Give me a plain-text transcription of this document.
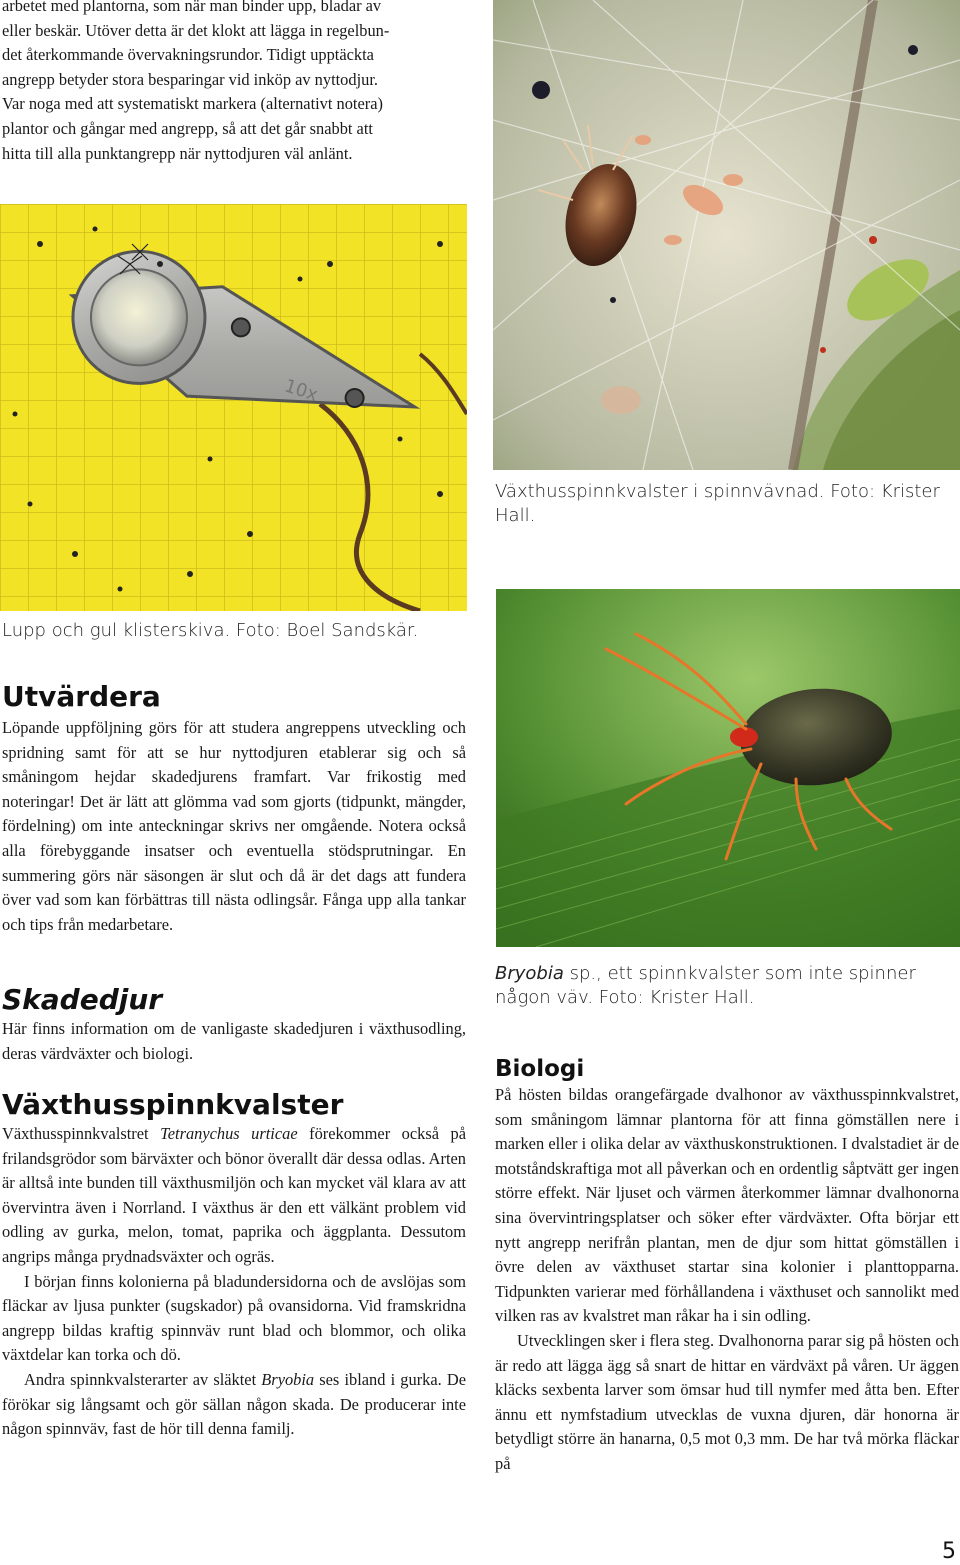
arbetet med plantorna, som när man binder upp, bladar av
eller beskär. Utöver detta är det klokt att lägga in regelbun-
det återkommande övervakningsrundor. Tidigt upptäckta
angrepp betyder stora besparingar vid inköp av nyttodjur.
Var noga med att systematiskt markera (alternativt notera)
plantor och gångar med angrepp, så att det går snabbt att
hitta till alla punktangrepp när nyttodjuren väl anlänt.
10x
Lupp och gul klisterskiva. Foto: Boel Sandskär.
Växthusspinnkvalster i spinnvävnad. Foto: Krister
Hall.
Bryobia sp., ett spinnkvalster som inte spinner
någon väv. Foto: Krister Hall.
Utvärdera

Löpande uppföljning görs för att studera angreppens utveckling och spridning samt för att se hur nyttodjuren etablerar sig och så småningom hejdar skadedjurens framfart. Var frikostig med noteringar! Det är lätt att glömma vad som gjorts (tidpunkt, mängder, fördelning) om inte anteckningar skrivs ner omgående. Notera också alla förebyggande insatser och eventuella stödsprutningar. En summering görs när säsongen är slut och då är det dags att fundera över vad som kan förbättras till nästa odlingsår. Fånga upp alla tankar och tips från medarbetare.

Skadedjur

Här finns information om de vanligaste skadedjuren i växthusodling, deras värdväxter och biologi.

Växthusspinnkvalster

Växthusspinnkvalstret Tetranychus urticae förekommer också på frilandsgrödor som bärväxter och bönor överallt där dessa odlas. Arten är alltså inte bunden till växthusmiljön och kan mycket väl klara av att övervintra även i Norrland. I växthus är den ett välkänt problem vid odling av gurka, melon, tomat, paprika och äggplanta. Dessutom angrips många prydnadsväxter och ogräs.

I början finns kolonierna på bladundersidorna och de avslöjas som fläckar av ljusa punkter (sugskador) på ovansidorna. Vid framskridna angrepp bildas kraftig spinnväv runt blad och blommor, och olika växtdelar kan torka och dö.

Andra spinnkvalsterarter av släktet Bryobia ses ibland i gurka. De förökar sig långsamt och gör sällan någon skada. De producerar inte någon spinnväv, fast de hör till denna familj.

Biologi

På hösten bildas orangefärgade dvalhonor av växthusspinnkvalstret, som småningom lämnar plantorna för att finna gömställen nere i marken eller i olika delar av växthuskonstruktionen. I dvalstadiet är de motståndskraftiga mot all påverkan och en ordentlig såptvätt ger ingen större effekt. När ljuset och värmen återkommer lämnar dvalhonorna sina övervintringsplatser och söker efter värdväxter. Ofta börjar ett nytt angrepp nerifrån plantan, men de djur som hittat gömställen i övre delen av växthuset startar sina kolonier i planttopparna. Tidpunkten varierar med förhållandena i växthuset och sannolikt med vilken ras av kvalstret man råkar ha i sin odling.

Utvecklingen sker i flera steg. Dvalhonorna parar sig på hösten och är redo att lägga ägg så snart de hittar en värdväxt på våren. Ur äggen kläcks sexbenta larver som ömsar hud till nymfer med åtta ben. Efter ännu ett nymfstadium utvecklas de vuxna djuren, där honorna är betydligt större än hanarna, 0,5 mot 0,3 mm. De har två mörka fläckar på

5
